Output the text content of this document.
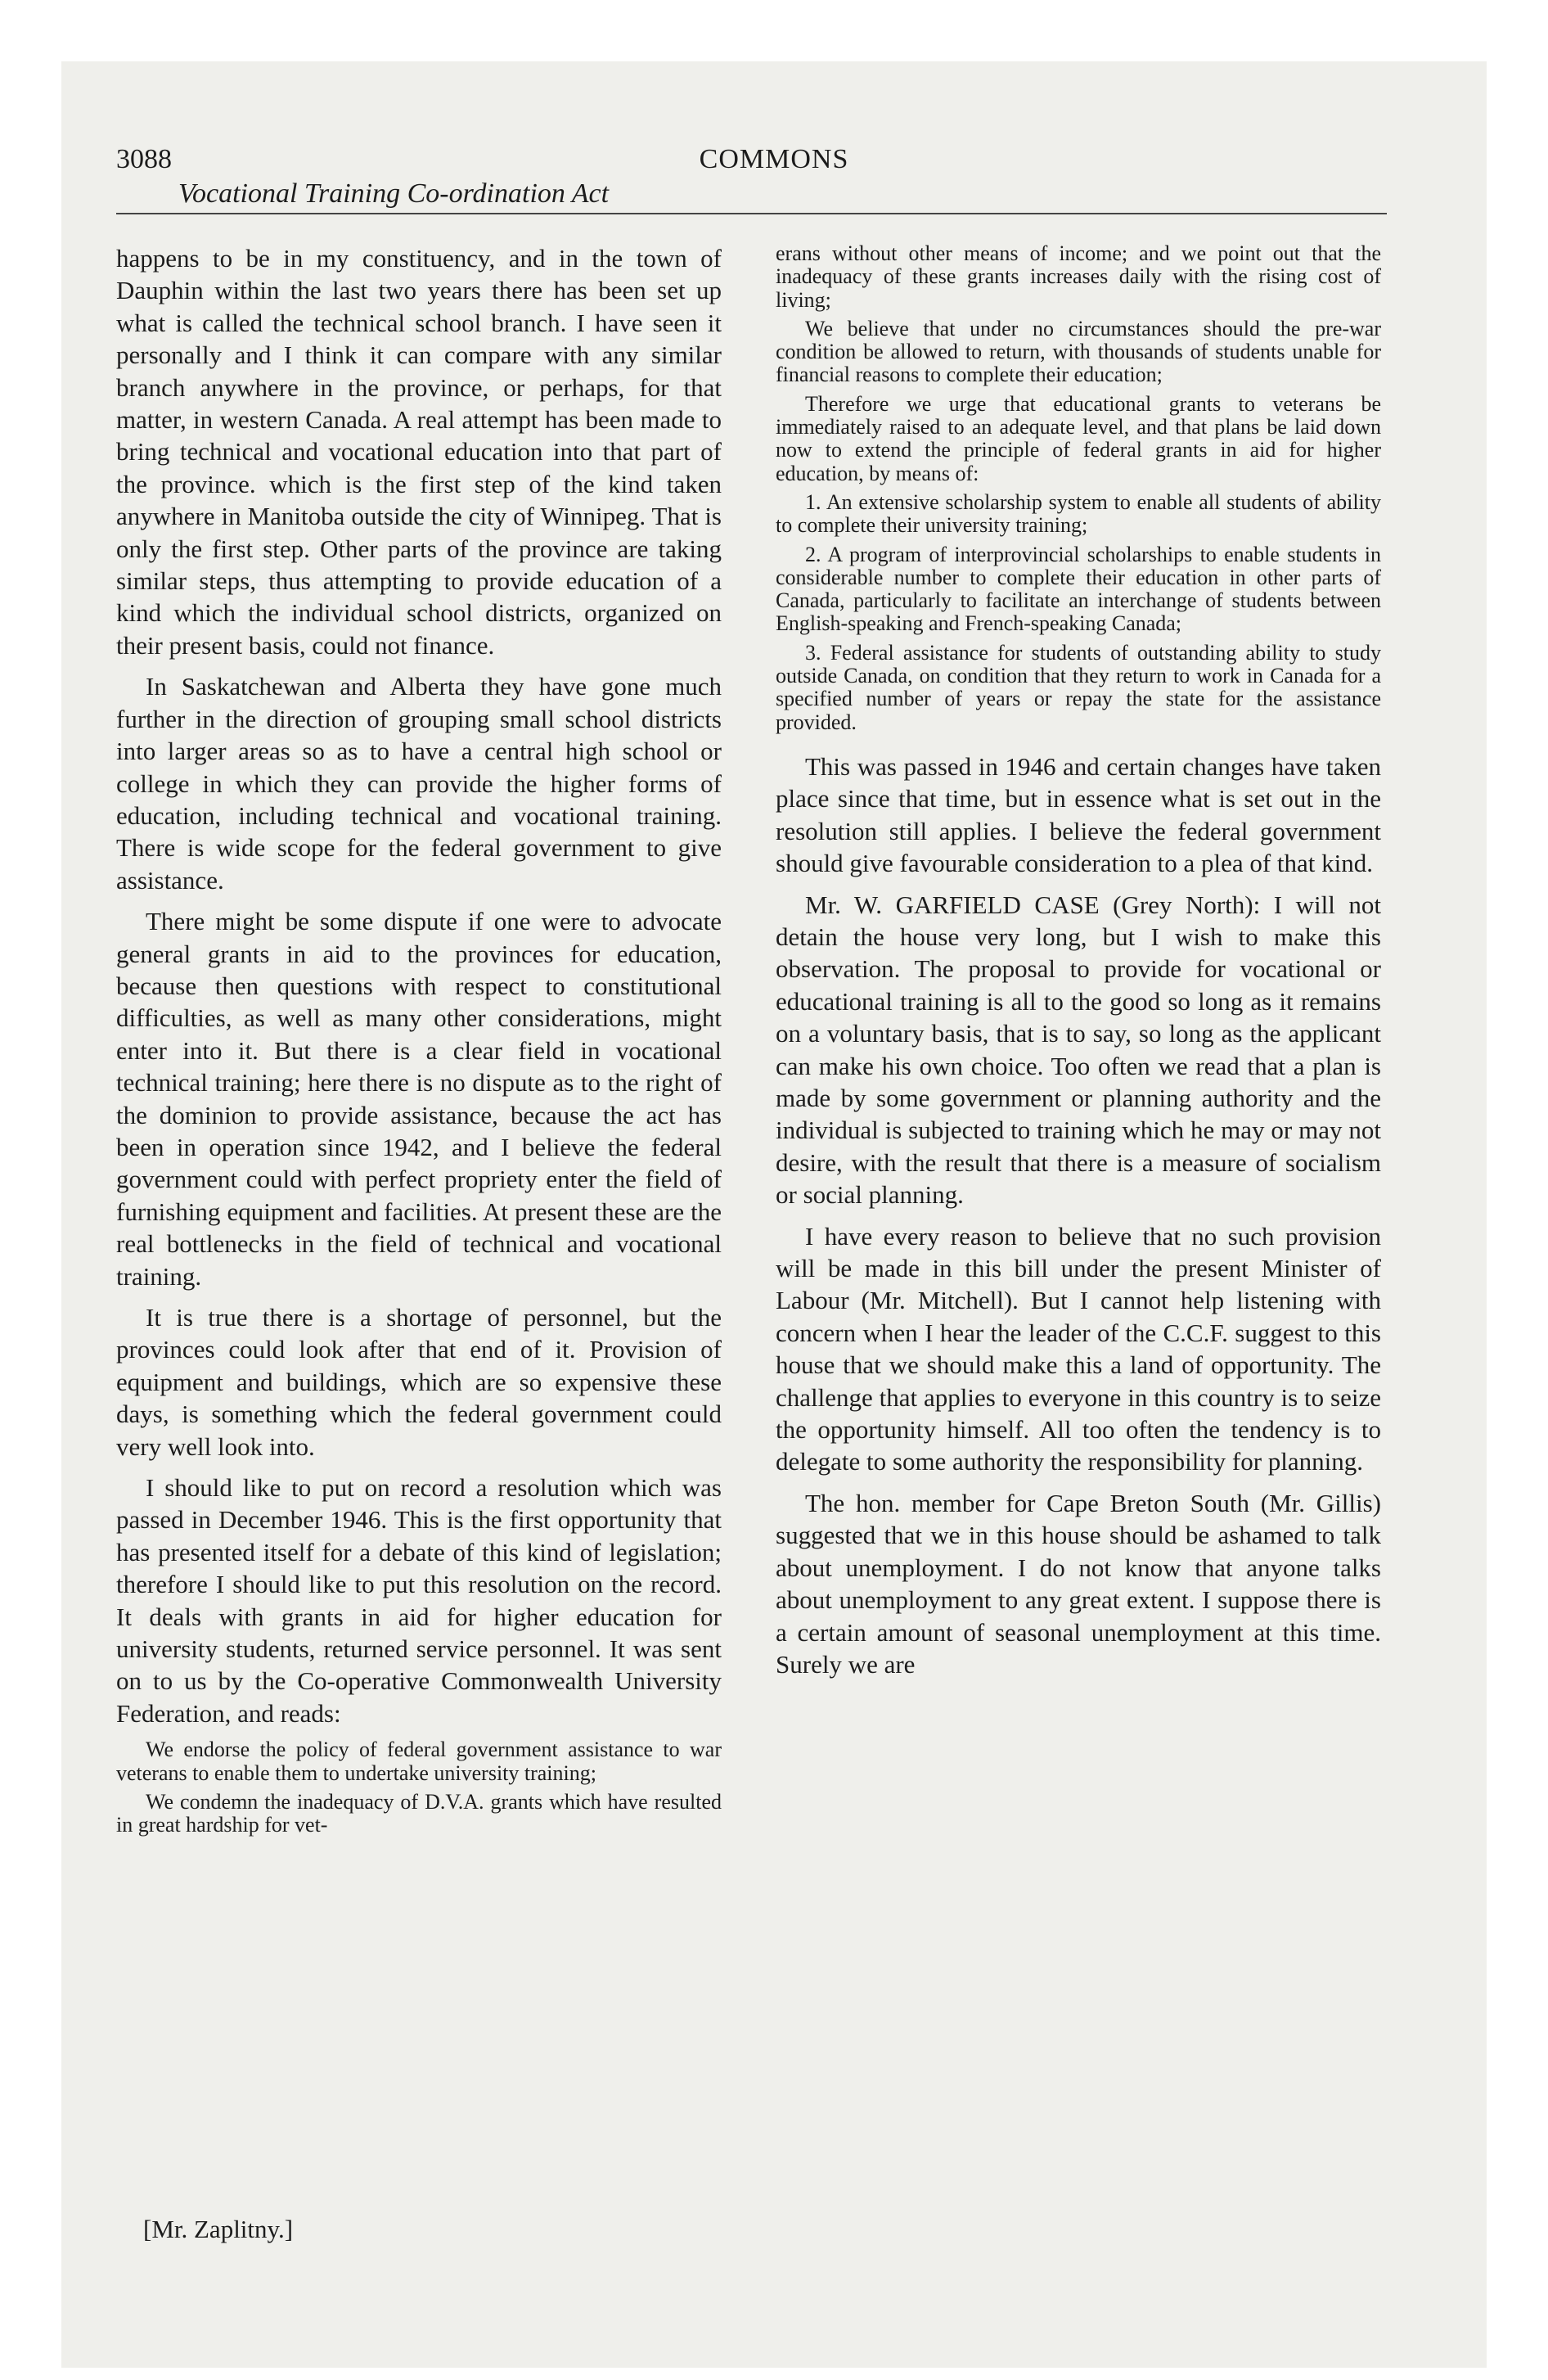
3088	COMMONS
Vocational Training Co-ordination Act

happens to be in my constituency, and in the town of Dauphin within the last two years there has been set up what is called the technical school branch. I have seen it personally and I think it can compare with any similar branch anywhere in the province, or perhaps, for that matter, in western Canada. A real attempt has been made to bring technical and vocational education into that part of the province. which is the first step of the kind taken anywhere in Manitoba outside the city of Winnipeg. That is only the first step. Other parts of the province are taking similar steps, thus attempting to provide education of a kind which the individual school districts, organized on their present basis, could not finance.

In Saskatchewan and Alberta they have gone much further in the direction of grouping small school districts into larger areas so as to have a central high school or college in which they can provide the higher forms of education, including technical and vocational training. There is wide scope for the federal government to give assistance.

There might be some dispute if one were to advocate general grants in aid to the provinces for education, because then questions with respect to constitutional difficulties, as well as many other considerations, might enter into it. But there is a clear field in vocational technical training; here there is no dispute as to the right of the dominion to provide assistance, because the act has been in operation since 1942, and I believe the federal government could with perfect propriety enter the field of furnishing equipment and facilities. At present these are the real bottlenecks in the field of technical and vocational training.

It is true there is a shortage of personnel, but the provinces could look after that end of it. Provision of equipment and buildings, which are so expensive these days, is something which the federal government could very well look into.

I should like to put on record a resolution which was passed in December 1946. This is the first opportunity that has presented itself for a debate of this kind of legislation; therefore I should like to put this resolution on the record. It deals with grants in aid for higher education for university students, returned service personnel. It was sent on to us by the Co-operative Commonwealth University Federation, and reads:

We endorse the policy of federal government assistance to war veterans to enable them to undertake university training;

We condemn the inadequacy of D.V.A. grants which have resulted in great hardship for vet-

[Mr. Zaplitny.]

erans without other means of income; and we point out that the inadequacy of these grants increases daily with the rising cost of living;

We believe that under no circumstances should the pre-war condition be allowed to return, with thousands of students unable for financial reasons to complete their education;

Therefore we urge that educational grants to veterans be immediately raised to an adequate level, and that plans be laid down now to extend the principle of federal grants in aid for higher education, by means of:

1. An extensive scholarship system to enable all students of ability to complete their university training;

2. A program of interprovincial scholarships to enable students in considerable number to complete their education in other parts of Canada, particularly to facilitate an interchange of students between English-speaking and French-speaking Canada;

3. Federal assistance for students of outstanding ability to study outside Canada, on condition that they return to work in Canada for a specified number of years or repay the state for the assistance provided.

This was passed in 1946 and certain changes have taken place since that time, but in essence what is set out in the resolution still applies. I believe the federal government should give favourable consideration to a plea of that kind.

Mr. W. GARFIELD CASE (Grey North): I will not detain the house very long, but I wish to make this observation. The proposal to provide for vocational or educational training is all to the good so long as it remains on a voluntary basis, that is to say, so long as the applicant can make his own choice. Too often we read that a plan is made by some government or planning authority and the individual is subjected to training which he may or may not desire, with the result that there is a measure of socialism or social planning.

I have every reason to believe that no such provision will be made in this bill under the present Minister of Labour (Mr. Mitchell). But I cannot help listening with concern when I hear the leader of the C.C.F. suggest to this house that we should make this a land of opportunity. The challenge that applies to everyone in this country is to seize the opportunity himself. All too often the tendency is to delegate to some authority the responsibility for planning.

The hon. member for Cape Breton South (Mr. Gillis) suggested that we in this house should be ashamed to talk about unemployment. I do not know that anyone talks about unemployment to any great extent. I suppose there is a certain amount of seasonal unemployment at this time. Surely we are
